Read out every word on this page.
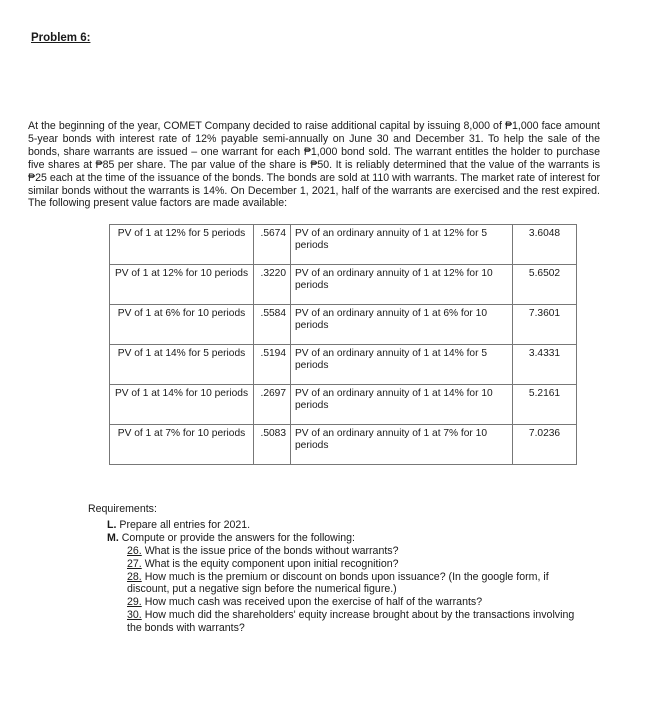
Problem 6:
At the beginning of the year, COMET Company decided to raise additional capital by issuing 8,000 of ₱1,000 face amount 5-year bonds with interest rate of 12% payable semi-annually on June 30 and December 31. To help the sale of the bonds, share warrants are issued – one warrant for each ₱1,000 bond sold. The warrant entitles the holder to purchase five shares at ₱85 per share. The par value of the share is ₱50. It is reliably determined that the value of the warrants is ₱25 each at the time of the issuance of the bonds. The bonds are sold at 110 with warrants. The market rate of interest for similar bonds without the warrants is 14%. On December 1, 2021, half of the warrants are exercised and the rest expired. The following present value factors are made available:
PV of 1 at 12% for 5 periods	.5674	PV of an ordinary annuity of 1 at 12% for 5 periods	3.6048
PV of 1 at 12% for 10 periods	.3220	PV of an ordinary annuity of 1 at 12% for 10 periods	5.6502
PV of 1 at 6% for 10 periods	.5584	PV of an ordinary annuity of 1 at 6% for 10 periods	7.3601
PV of 1 at 14% for 5 periods	.5194	PV of an ordinary annuity of 1 at 14% for 5 periods	3.4331
PV of 1 at 14% for 10 periods	.2697	PV of an ordinary annuity of 1 at 14% for 10 periods	5.2161
PV of 1 at 7% for 10 periods	.5083	PV of an ordinary annuity of 1 at 7% for 10 periods	7.0236
Requirements:
L. Prepare all entries for 2021.
M. Compute or provide the answers for the following:
26. What is the issue price of the bonds without warrants?
27. What is the equity component upon initial recognition?
28. How much is the premium or discount on bonds upon issuance? (In the google form, if discount, put a negative sign before the numerical figure.)
29. How much cash was received upon the exercise of half of the warrants?
30. How much did the shareholders' equity increase brought about by the transactions involving the bonds with warrants?
